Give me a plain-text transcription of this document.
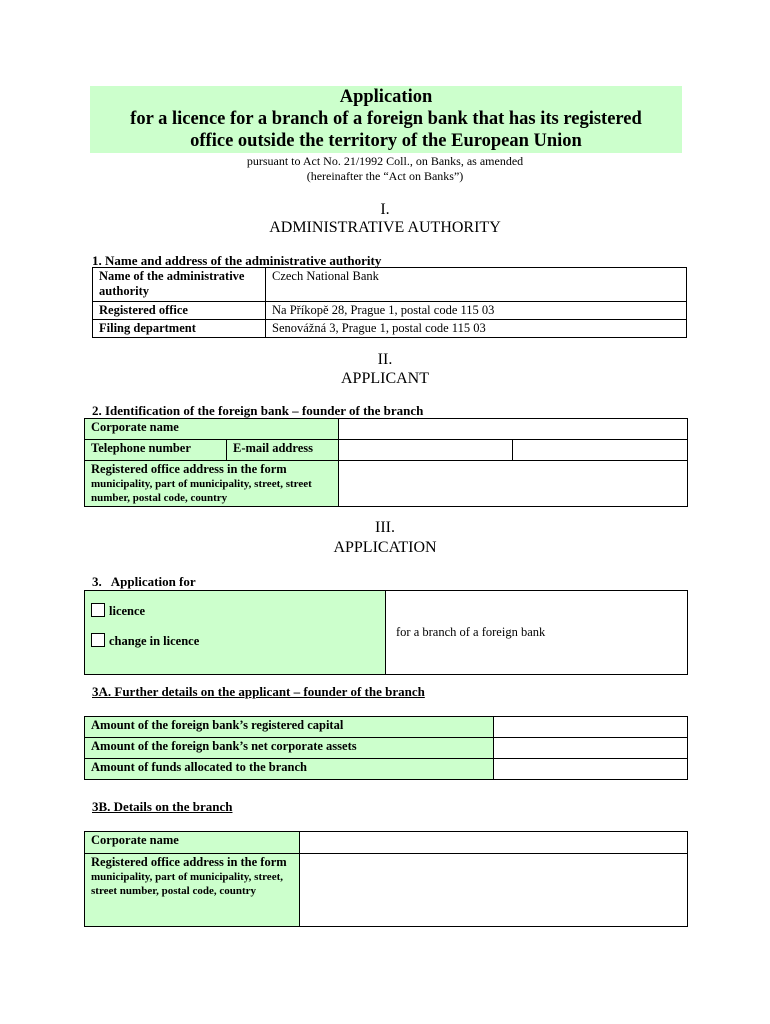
Application
for a licence for a branch of a foreign bank that has its registered
office outside the territory of the European Union
pursuant to Act No. 21/1992 Coll., on Banks, as amended
(hereinafter the “Act on Banks”)
I.
ADMINISTRATIVE AUTHORITY
1. Name and address of the administrative authority
Name of the administrative authority	Czech National Bank
Registered office	Na Příkopě 28, Prague 1, postal code 115 03
Filing department	Senovážná 3, Prague 1, postal code 115 03
II.
APPLICANT
2. Identification of the foreign bank – founder of the branch
Corporate name			
Telephone number	E-mail address		

Registered office address in the form
municipality, part of municipality, street, street number, postal code, country			

III.
APPLICATION
3.   Application for
licence
change in licence
	for a branch of a foreign bank
3A. Further details on the applicant – founder of the branch
Amount of the foreign bank’s registered capital	
Amount of the foreign bank’s net corporate assets	
Amount of funds allocated to the branch	
3B. Details on the branch
Corporate name	

Registered office address in the form
municipality, part of municipality, street, street number, postal code, country	
